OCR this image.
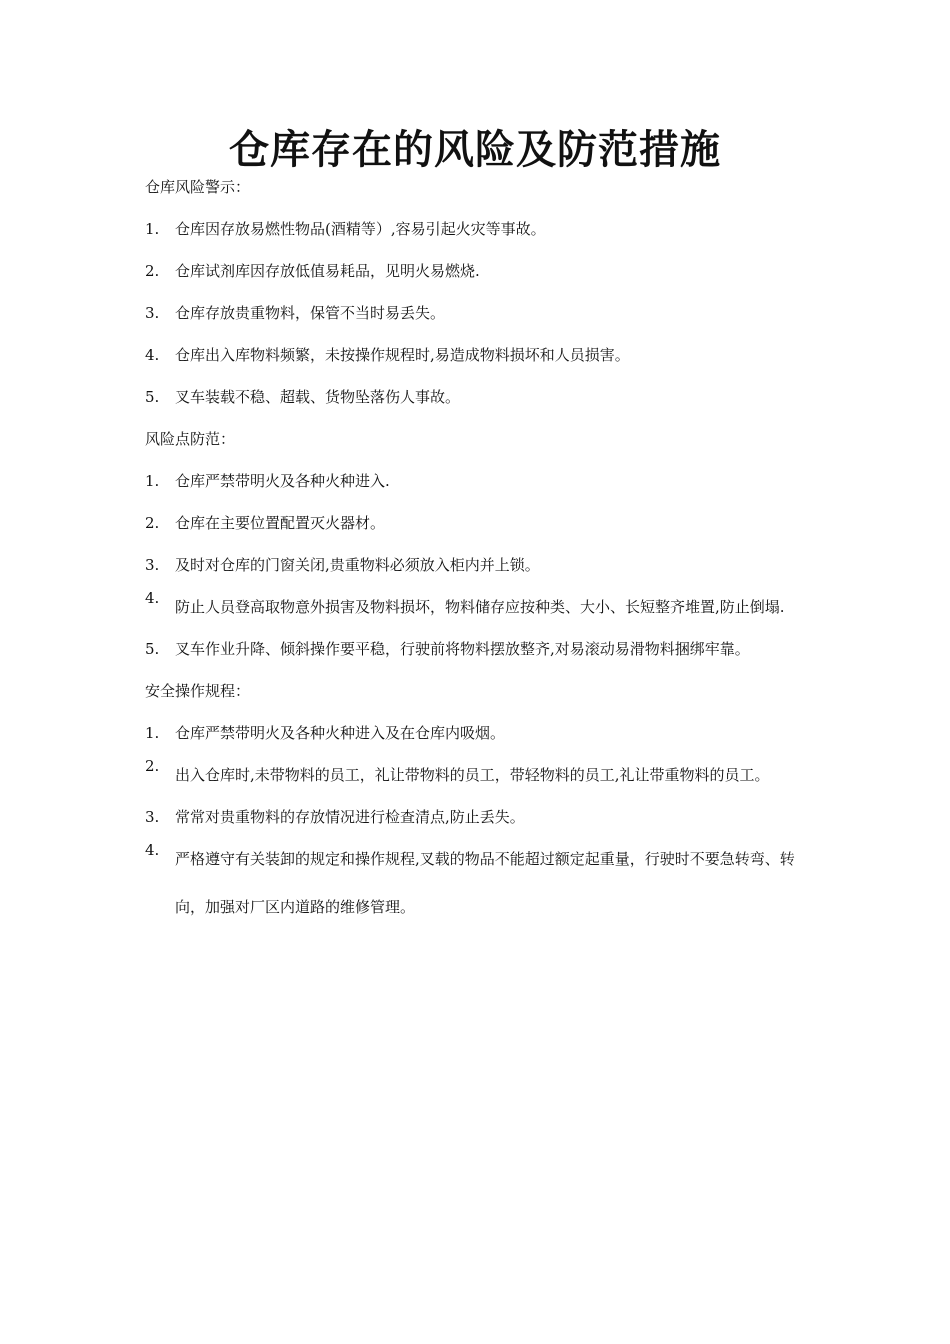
仓库存在的风险及防范措施
仓库风险警示：
1. 仓库因存放易燃性物品(酒精等）,容易引起火灾等事故。
2. 仓库试剂库因存放低值易耗品，见明火易燃烧.
3. 仓库存放贵重物料，保管不当时易丢失。
4. 仓库出入库物料频繁，未按操作规程时,易造成物料损坏和人员损害。
5. 叉车装载不稳、超载、货物坠落伤人事故。
风险点防范：
1. 仓库严禁带明火及各种火种进入.
2. 仓库在主要位置配置灭火器材。
3. 及时对仓库的门窗关闭,贵重物料必须放入柜内并上锁。
4. 防止人员登高取物意外损害及物料损坏，物料储存应按种类、大小、长短整齐堆置,防止倒塌.
5. 叉车作业升降、倾斜操作要平稳，行驶前将物料摆放整齐,对易滚动易滑物料捆绑牢靠。
安全操作规程：
1. 仓库严禁带明火及各种火种进入及在仓库内吸烟。
2. 出入仓库时,未带物料的员工，礼让带物料的员工，带轻物料的员工,礼让带重物料的员工。
3. 常常对贵重物料的存放情况进行检查清点,防止丢失。
4. 严格遵守有关装卸的规定和操作规程,叉载的物品不能超过额定起重量，行驶时不要急转弯、转向，加强对厂区内道路的维修管理。
